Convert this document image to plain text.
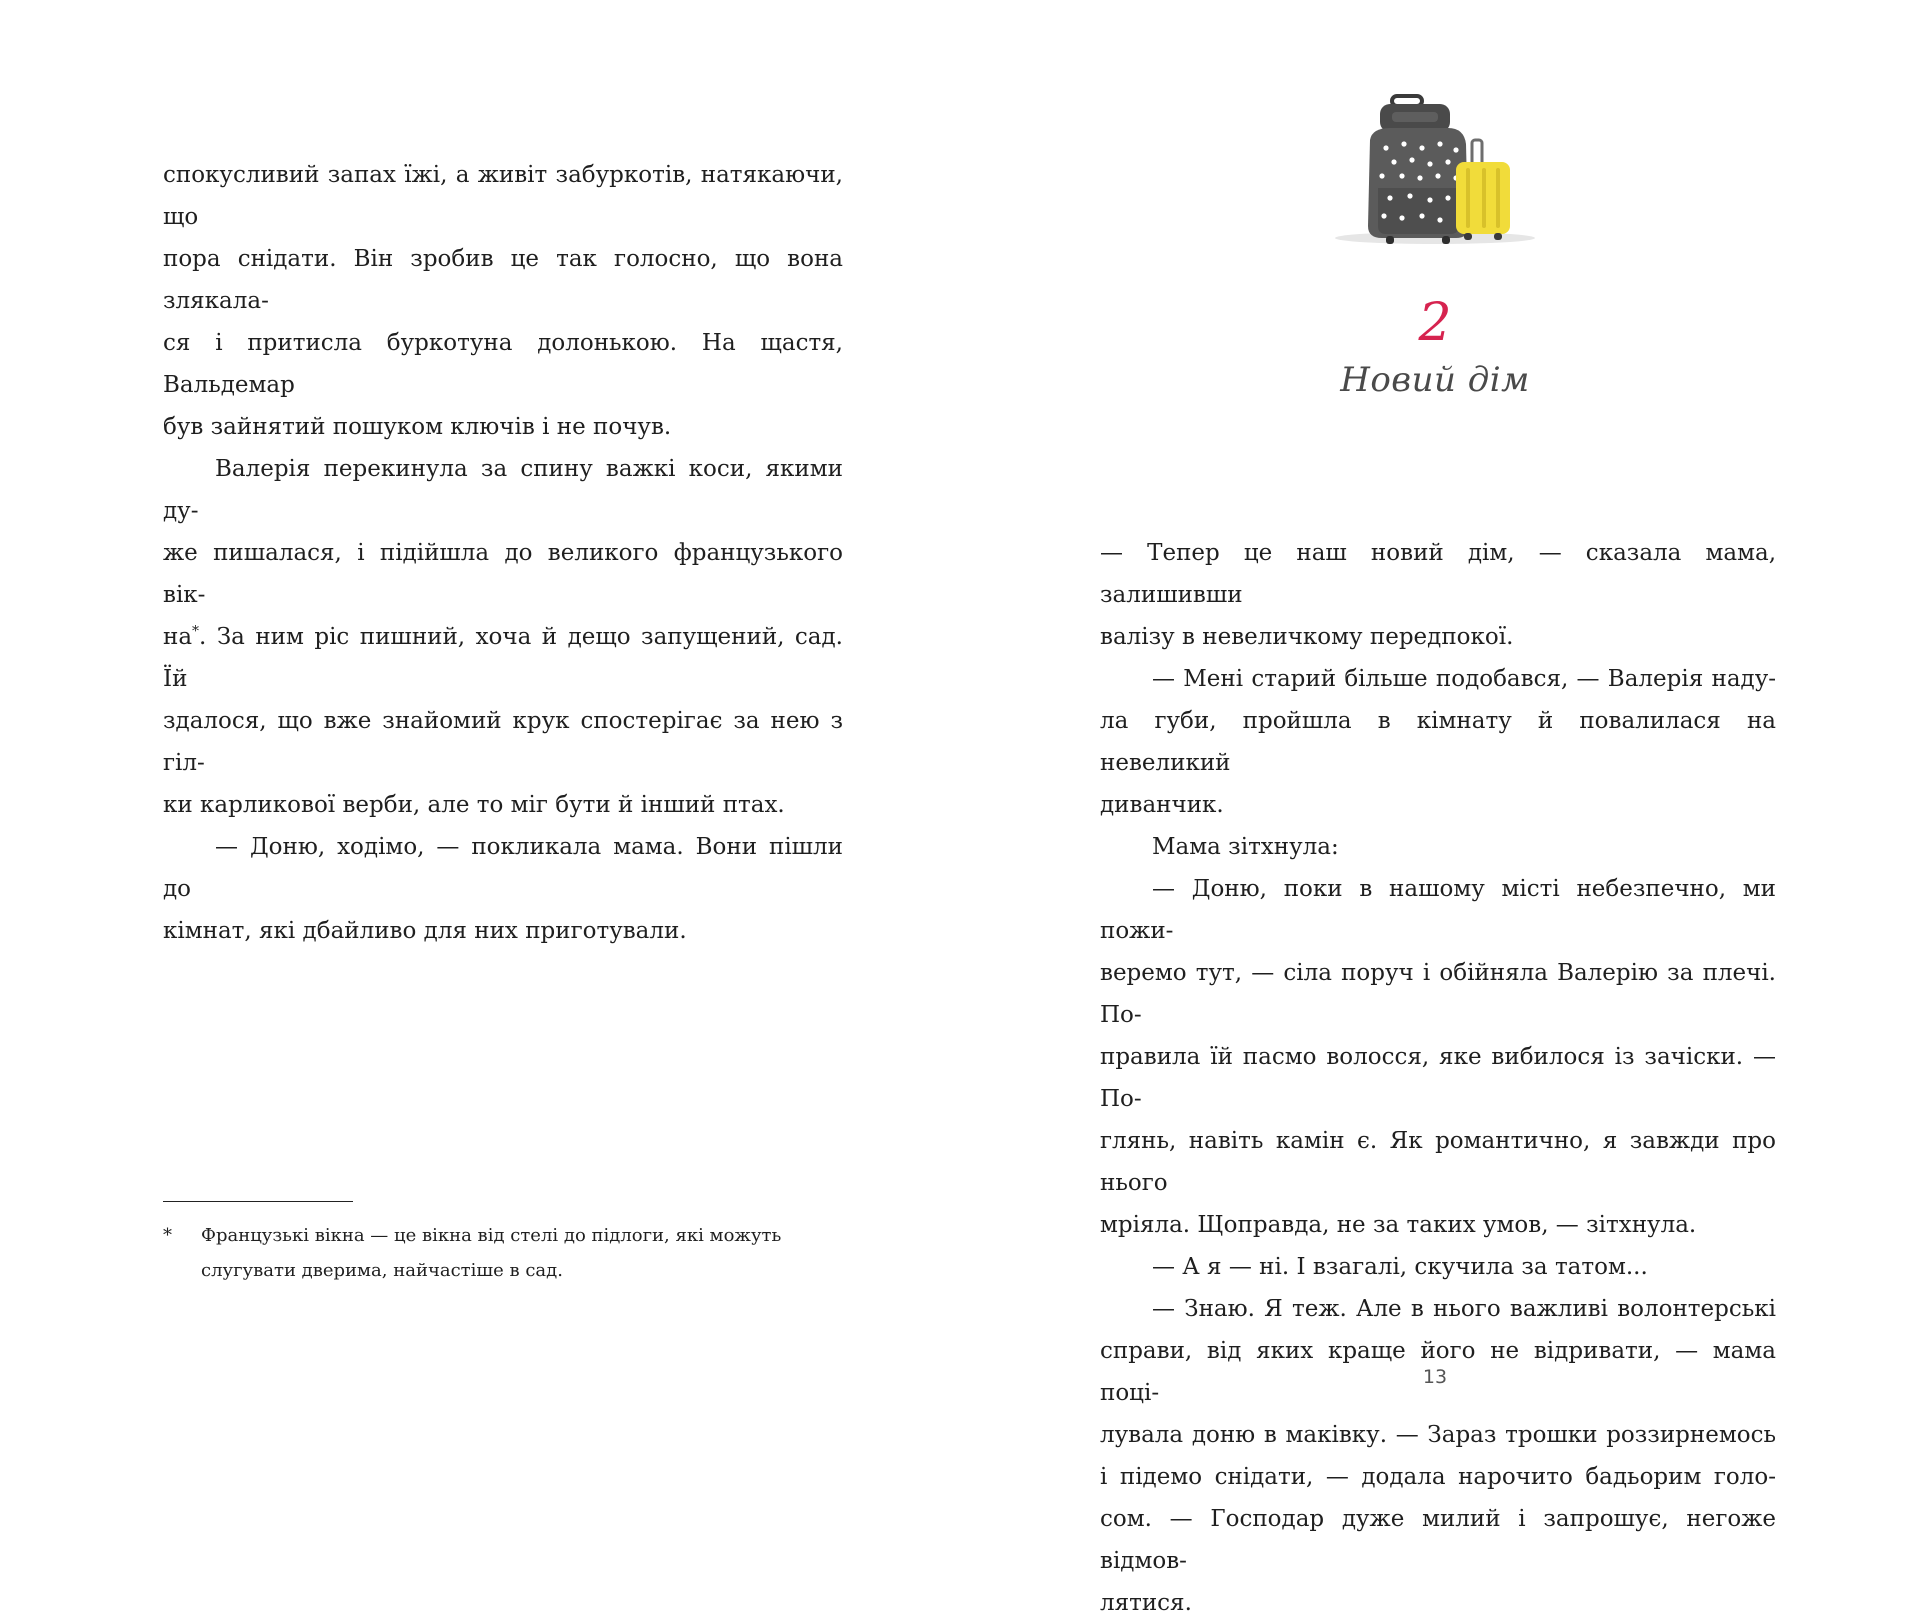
спокусливий запах їжі, а живіт забуркотів, натякаючи, що

пора снідати. Він зробив це так голосно, що вона злякала-

ся і притисла буркотуна долонькою. На щастя, Вальдемар

був зайнятий пошуком ключів і не почув.

Валерія перекинула за спину важкі коси, якими ду-

же пишалася, і підійшла до великого французького вік-

на*. За ним ріс пишний, хоча й дещо запущений, сад. Їй

здалося, що вже знайомий крук спостерігає за нею з гіл-

ки карликової верби, але то міг бути й інший птах.

— Доню, ходімо, — покликала мама. Вони пішли до

кімнат, які дбайливо для них приготували.

* Французькі вікна — це вікна від стелі до підлоги, які можуть
слугувати дверима, найчастіше в сад.
2
Новий дім

— Тепер це наш новий дім, — сказала мама, залишивши

валізу в невеличкому передпокої.

— Мені старий більше подобався, — Валерія наду-

ла губи, пройшла в кімнату й повалилася на невеликий

диванчик.

Мама зітхнула:

— Доню, поки в нашому місті небезпечно, ми пожи-

веремо тут, — сіла поруч і обійняла Валерію за плечі. По-

правила їй пасмо волосся, яке вибилося із зачіски. — По-

глянь, навіть камін є. Як романтично, я завжди про нього

мріяла. Щоправда, не за таких умов, — зітхнула.

— А я — ні. І взагалі, скучила за татом...

— Знаю. Я теж. Але в нього важливі волонтерські

справи, від яких краще його не відривати, — мама поці-

лувала доню в маківку. — Зараз трошки роззирнемось

і підемо снідати, — додала нарочито бадьорим голо-

сом. — Господар дуже милий і запрошує, негоже відмов-

лятися.

13
